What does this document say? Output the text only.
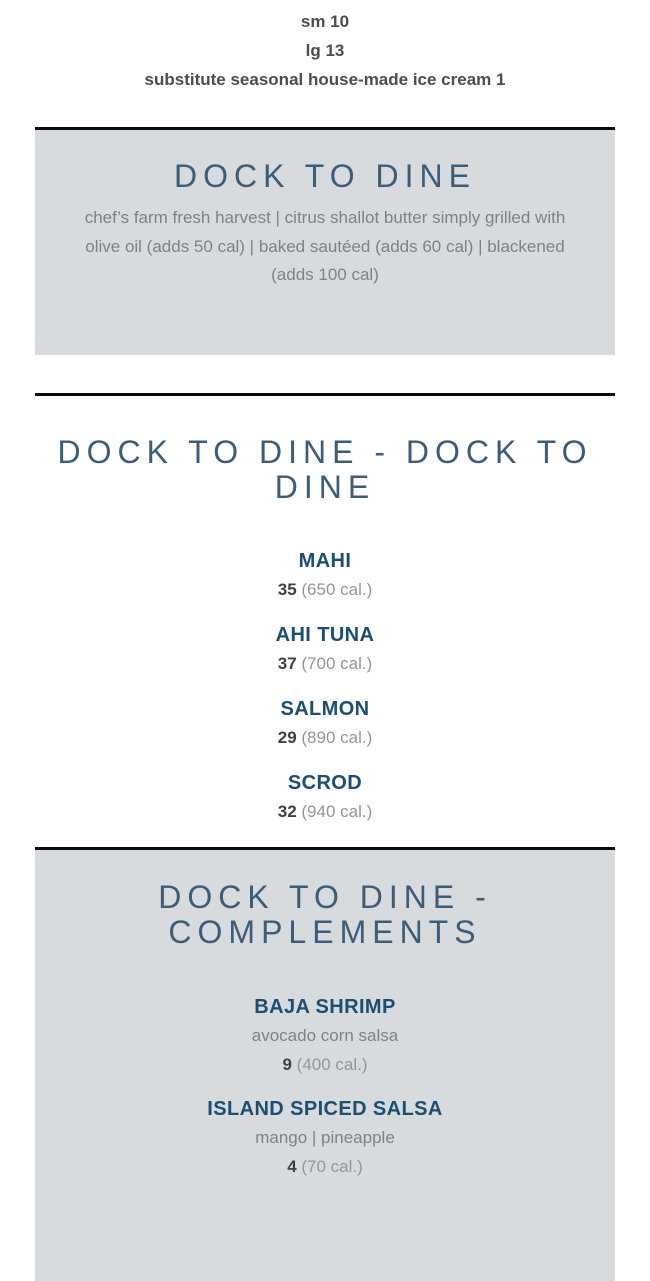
sm 10
lg 13
substitute seasonal house-made ice cream 1
DOCK TO DINE
chef’s farm fresh harvest | citrus shallot butter simply grilled with olive oil (adds 50 cal) | baked sautéed (adds 60 cal) | blackened (adds 100 cal)
DOCK TO DINE - DOCK TO DINE
MAHI
35 (650 cal.)
AHI TUNA
37 (700 cal.)
SALMON
29 (890 cal.)
SCROD
32 (940 cal.)
DOCK TO DINE - COMPLEMENTS
BAJA SHRIMP
avocado corn salsa
9 (400 cal.)
ISLAND SPICED SALSA
mango | pineapple
4 (70 cal.)
